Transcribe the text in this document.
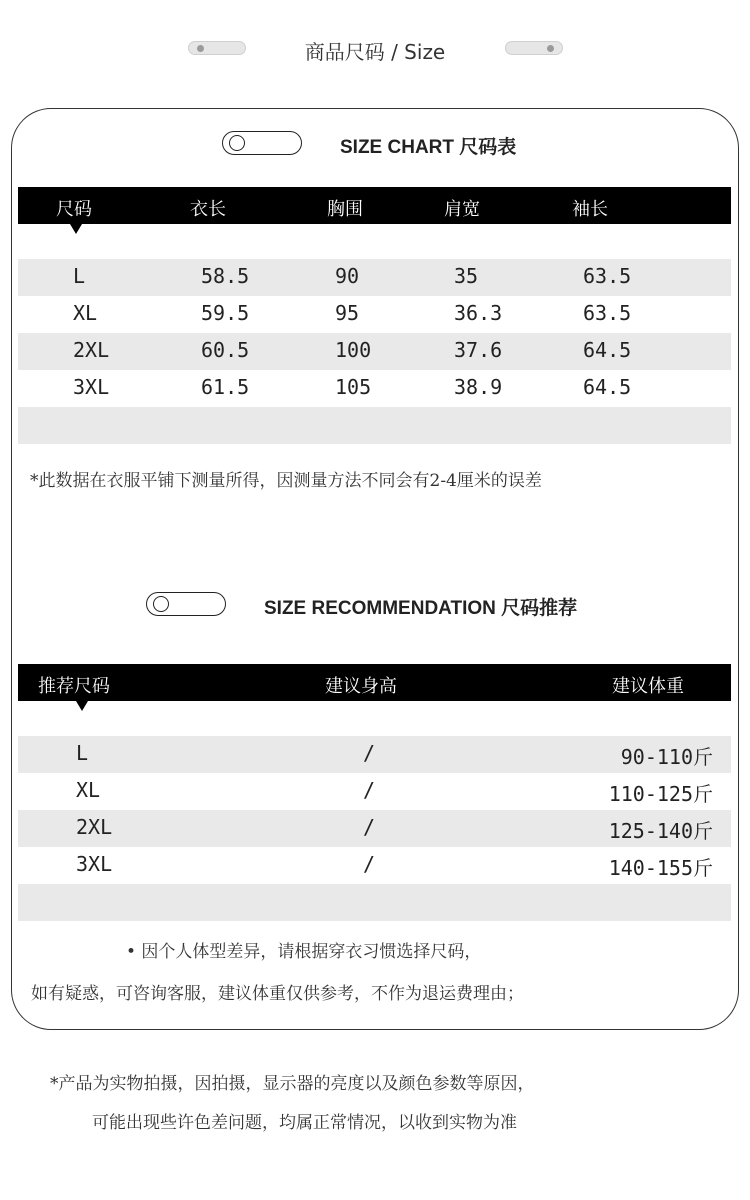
商品尺码 / Size
SIZE CHART 尺码表
尺码	衣长	胸围	肩宽	袖长
L	58.5	90	35	63.5
XL	59.5	95	36.3	63.5
2XL	60.5	100	37.6	64.5
3XL	61.5	105	38.9	64.5
*此数据在衣服平铺下测量所得，因测量方法不同会有2-4厘米的误差
SIZE RECOMMENDATION 尺码推荐
推荐尺码	建议身高	建议体重
L	/	90-110斤
XL	/	110-125斤
2XL	/	125-140斤
3XL	/	140-155斤
• 因个人体型差异，请根据穿衣习惯选择尺码，
如有疑惑，可咨询客服，建议体重仅供参考，不作为退运费理由；
*产品为实物拍摄，因拍摄，显示器的亮度以及颜色参数等原因，
可能出现些许色差问题，均属正常情况，以收到实物为准
